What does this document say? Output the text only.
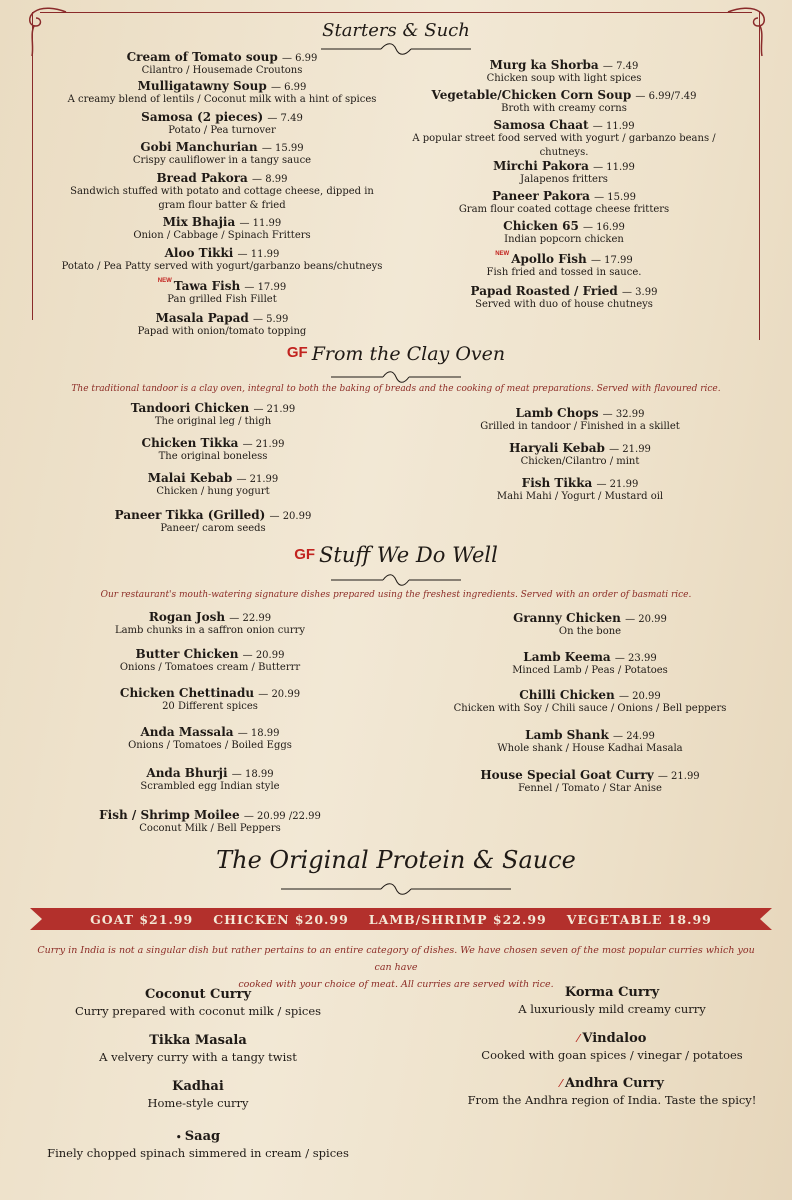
Starters & Such
Cream of Tomato soup — 6.99
Cilantro / Housemade Croutons
Mulligatawny Soup — 6.99
A creamy blend of lentils / Coconut milk with a hint of spices
Samosa (2 pieces) — 7.49
Potato / Pea turnover
Gobi Manchurian — 15.99
Crispy cauliflower in a tangy sauce
Bread Pakora — 8.99
Sandwich stuffed with potato and cottage cheese, dipped in
gram flour batter & fried
Mix Bhajia — 11.99
Onion / Cabbage / Spinach Fritters
Aloo Tikki — 11.99
Potato / Pea Patty served with yogurt/garbanzo beans/chutneys
$^{NEW}$ Tawa Fish — 17.99
Pan grilled Fish Fillet
Masala Papad — 5.99
Papad with onion/tomato topping
Murg ka Shorba — 7.49
Chicken soup with light spices
Vegetable/Chicken Corn Soup — 6.99/7.49
Broth with creamy corns
Samosa Chaat — 11.99
A popular street food served with yogurt / garbanzo beans /
chutneys.
Mirchi Pakora — 11.99
Jalapenos fritters
Paneer Pakora — 15.99
Gram flour coated cottage cheese fritters
Chicken 65 — 16.99
Indian popcorn chicken
$^{NEW}$ Apollo Fish — 17.99
Fish fried and tossed in sauce.
Papad Roasted / Fried — 3.99
Served with duo of house chutneys
GF From the Clay Oven
The traditional tandoor is a clay oven, integral to both the baking of breads and the cooking of meat preparations. Served with flavoured rice.
Tandoori Chicken — 21.99
The original leg / thigh
Chicken Tikka — 21.99
The original boneless
Malai Kebab — 21.99
Chicken / hung yogurt
Paneer Tikka (Grilled) — 20.99
Paneer/ carom seeds
Lamb Chops — 32.99
Grilled in tandoor / Finished in a skillet
Haryali Kebab — 21.99
Chicken/Cilantro / mint
Fish Tikka — 21.99
Mahi Mahi / Yogurt / Mustard oil
GF Stuff We Do Well
Our restaurant's mouth-watering signature dishes prepared using the freshest ingredients. Served with an order of basmati rice.
Rogan Josh — 22.99
Lamb chunks in a saffron onion curry
Butter Chicken — 20.99
Onions / Tomatoes cream / Butterrr
Chicken Chettinadu — 20.99
20 Different spices
Anda Massala — 18.99
Onions / Tomatoes / Boiled Eggs
Anda Bhurji — 18.99
Scrambled egg Indian style
Fish / Shrimp Moilee — 20.99 /22.99
Coconut Milk / Bell Peppers
Granny Chicken — 20.99
On the bone
Lamb Keema — 23.99
Minced Lamb / Peas / Potatoes
Chilli Chicken — 20.99
Chicken with Soy / Chili sauce / Onions / Bell peppers
Lamb Shank — 24.99
Whole shank / House Kadhai Masala
House Special Goat Curry — 21.99
Fennel / Tomato / Star Anise
The Original Protein & Sauce
GOAT $21.99 CHICKEN $20.99 LAMB/SHRIMP $22.99 VEGETABLE 18.99
Curry in India is not a singular dish but rather pertains to an entire category of dishes. We have chosen seven of the most popular curries which you can have
cooked with your choice of meat. All curries are served with rice.
Coconut Curry
Curry prepared with coconut milk / spices
Tikka Masala
A velvery curry with a tangy twist
Kadhai
Home-style curry
• Saag
Finely chopped spinach simmered in cream / spices
Korma Curry
A luxuriously mild creamy curry
⁄ Vindaloo
Cooked with goan spices / vinegar / potatoes
⁄ Andhra Curry
From the Andhra region of India. Taste the spicy!
